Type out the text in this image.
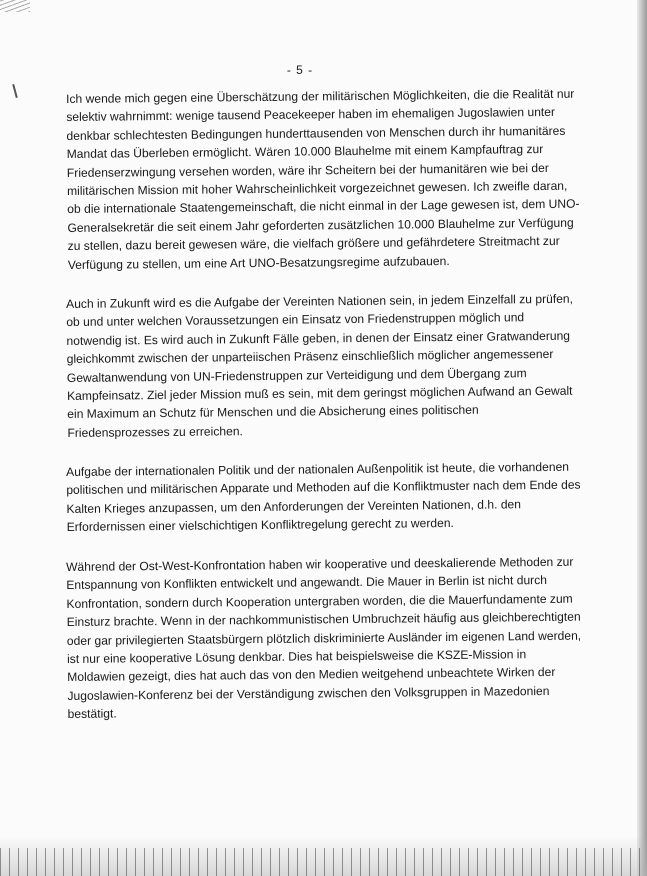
- 5 -

Ich wende mich gegen eine Überschätzung der militärischen Möglichkeiten, die die Realität nur selektiv wahrnimmt: wenige tausend Peacekeeper haben im ehemaligen Jugoslawien unter denkbar schlechtesten Bedingungen hunderttausenden von Menschen durch ihr humanitäres Mandat das Überleben ermöglicht. Wären 10.000 Blauhelme mit einem Kampfauftrag zur Friedenserzwingung versehen worden, wäre ihr Scheitern bei der humanitären wie bei der militärischen Mission mit hoher Wahrscheinlichkeit vorgezeichnet gewesen. Ich zweifle daran, ob die internationale Staatengemeinschaft, die nicht einmal in der Lage gewesen ist, dem UNO-Generalsekretär die seit einem Jahr geforderten zusätzlichen 10.000 Blauhelme zur Verfügung zu stellen, dazu bereit gewesen wäre, die vielfach größere und gefährdetere Streitmacht zur Verfügung zu stellen, um eine Art UNO-Besatzungsregime aufzubauen.

Auch in Zukunft wird es die Aufgabe der Vereinten Nationen sein, in jedem Einzelfall zu prüfen, ob und unter welchen Voraussetzungen ein Einsatz von Friedenstruppen möglich und notwendig ist. Es wird auch in Zukunft Fälle geben, in denen der Einsatz einer Gratwanderung gleichkommt zwischen der unparteiischen Präsenz einschließlich möglicher angemessener Gewaltanwendung von UN-Friedenstruppen zur Verteidigung und dem Übergang zum Kampfeinsatz. Ziel jeder Mission muß es sein, mit dem geringst möglichen Aufwand an Gewalt ein Maximum an Schutz für Menschen und die Absicherung eines politischen Friedensprozesses zu erreichen.

Aufgabe der internationalen Politik und der nationalen Außenpolitik ist heute, die vorhandenen politischen und militärischen Apparate und Methoden auf die Konfliktmuster nach dem Ende des Kalten Krieges anzupassen, um den Anforderungen der Vereinten Nationen, d.h. den Erfordernissen einer vielschichtigen Konfliktregelung gerecht zu werden.

Während der Ost-West-Konfrontation haben wir kooperative und deeskalierende Methoden zur Entspannung von Konflikten entwickelt und angewandt. Die Mauer in Berlin ist nicht durch Konfrontation, sondern durch Kooperation untergraben worden, die die Mauerfundamente zum Einsturz brachte. Wenn in der nachkommunistischen Umbruchzeit häufig aus gleichberechtigten oder gar privilegierten Staatsbürgern plötzlich diskriminierte Ausländer im eigenen Land werden, ist nur eine kooperative Lösung denkbar. Dies hat beispielsweise die KSZE-Mission in Moldawien gezeigt, dies hat auch das von den Medien weitgehend unbeachtete Wirken der Jugoslawien-Konferenz bei der Verständigung zwischen den Volksgruppen in Mazedonien bestätigt.
